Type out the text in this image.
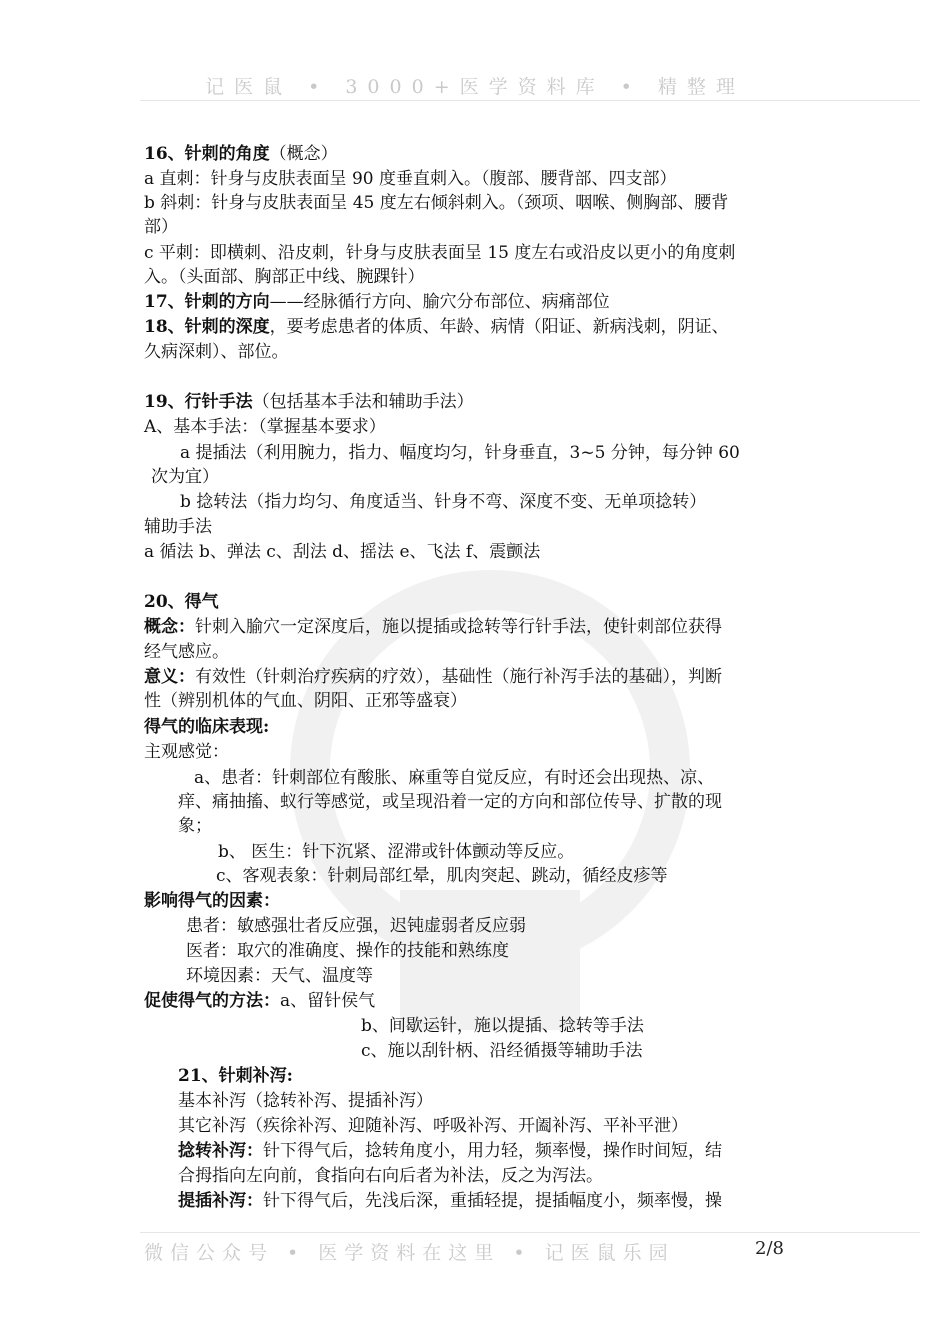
记医鼠 • 3000+医学资料库 • 精整理
16、针刺的角度（概念）
a 直刺：针身与皮肤表面呈 90 度垂直刺入。（腹部、腰背部、四支部）
b 斜刺：针身与皮肤表面呈 45 度左右倾斜刺入。（颈项、咽喉、侧胸部、腰背
部）
c 平刺：即横刺、沿皮刺，针身与皮肤表面呈 15 度左右或沿皮以更小的角度刺
入。（头面部、胸部正中线、腕踝针）
17、针刺的方向——经脉循行方向、腧穴分布部位、病痛部位
18、针刺的深度，要考虑患者的体质、年龄、病情（阳证、新病浅刺，阴证、
久病深刺）、部位。
19、行针手法（包括基本手法和辅助手法）
A、基本手法：（掌握基本要求）
a 提插法（利用腕力，指力、幅度均匀，针身垂直，3~5 分钟，每分钟 60
次为宜）
b 捻转法（指力均匀、角度适当、针身不弯、深度不变、无单项捻转）
辅助手法
a 循法 b、弹法 c、刮法 d、摇法 e、飞法 f、震颤法
20、得气
概念：针刺入腧穴一定深度后，施以提插或捻转等行针手法，使针刺部位获得
经气感应。
意义：有效性（针刺治疗疾病的疗效），基础性（施行补泻手法的基础），判断
性（辨别机体的气血、阴阳、正邪等盛衰）
得气的临床表现:
主观感觉：
a、患者：针刺部位有酸胀、麻重等自觉反应，有时还会出现热、凉、
痒、痛抽搐、蚁行等感觉，或呈现沿着一定的方向和部位传导、扩散的现
象；
b、 医生：针下沉紧、涩滞或针体颤动等反应。
c、客观表象：针刺局部红晕，肌肉突起、跳动，循经皮疹等
影响得气的因素：
患者：敏感强壮者反应强，迟钝虚弱者反应弱
医者：取穴的准确度、操作的技能和熟练度
环境因素：天气、温度等
促使得气的方法：a、留针侯气
b、间歇运针，施以提插、捻转等手法
c、施以刮针柄、沿经循摄等辅助手法
21、针刺补泻:
基本补泻（捻转补泻、提插补泻）
其它补泻（疾徐补泻、迎随补泻、呼吸补泻、开阖补泻、平补平泄）
捻转补泻：针下得气后，捻转角度小，用力轻，频率慢，操作时间短，结
合拇指向左向前，食指向右向后者为补法，反之为泻法。
提插补泻：针下得气后，先浅后深，重插轻提，提插幅度小，频率慢，操
微信公众号 • 医学资料在这里 • 记医鼠乐园	2/8
